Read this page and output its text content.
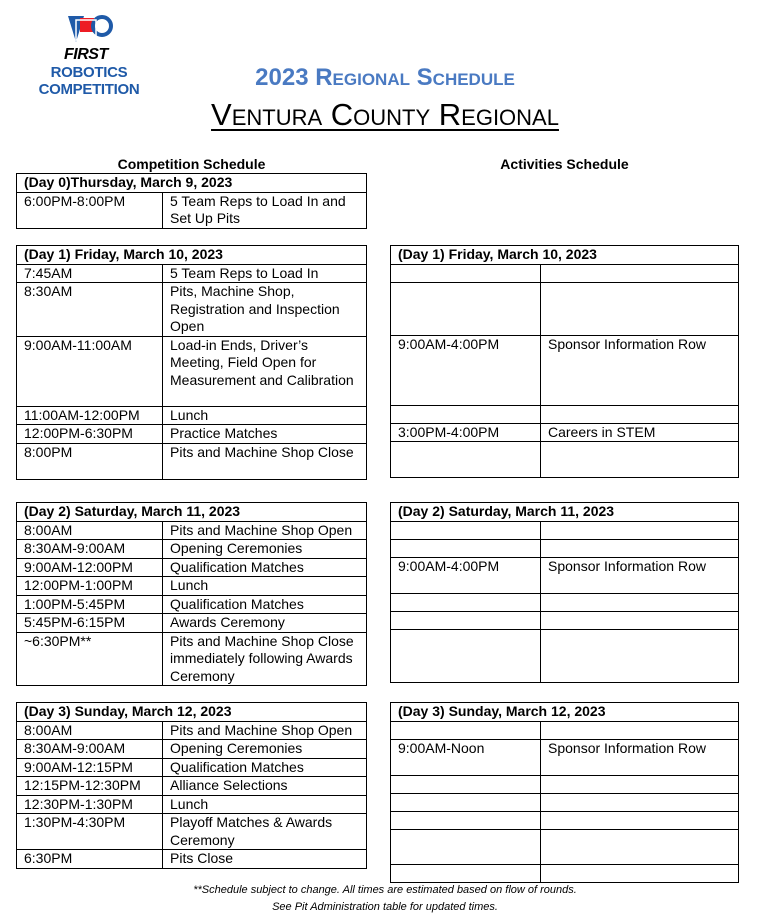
FIRST
ROBOTICS
COMPETITION	2023 Regional Schedule
Ventura County Regional
Competition Schedule	Activities Schedule
(Day 0)Thursday, March 9, 2023
6:00PM-8:00PM	5 Team Reps to Load In and Set Up Pits
(Day 1) Friday, March 10, 2023	
7:45AM	5 Team Reps to Load In
8:30AM	Pits, Machine Shop, Registration and Inspection Open
9:00AM-11:00AM	Load-in Ends, Driver’s Meeting, Field Open for Measurement and Calibration
11:00AM-12:00PM	Lunch
12:00PM-6:30PM	Practice Matches
8:00PM	Pits and Machine Shop Close
(Day 2) Saturday, March 11, 2023	
8:00AM	Pits and Machine Shop Open
8:30AM-9:00AM	Opening Ceremonies
9:00AM-12:00PM	Qualification Matches
12:00PM-1:00PM	Lunch
1:00PM-5:45PM	Qualification Matches
5:45PM-6:15PM	Awards Ceremony
~6:30PM**	Pits and Machine Shop Close immediately following Awards Ceremony
(Day 3) Sunday, March 12, 2023	
8:00AM	Pits and Machine Shop Open
8:30AM-9:00AM	Opening Ceremonies
9:00AM-12:15PM	Qualification Matches
12:15PM-12:30PM	Alliance Selections
12:30PM-1:30PM	Lunch
1:30PM-4:30PM	Playoff Matches & Awards Ceremony
6:30PM	Pits Close
(Day 1) Friday, March 10, 2023	

9:00AM-4:00PM	Sponsor Information Row

3:00PM-4:00PM	Careers in STEM

(Day 2) Saturday, March 11, 2023	

9:00AM-4:00PM	Sponsor Information Row

(Day 3) Sunday, March 12, 2023	

9:00AM-Noon	Sponsor Information Row

**Schedule subject to change. All times are estimated based on flow of rounds.
See Pit Administration table for updated times.
